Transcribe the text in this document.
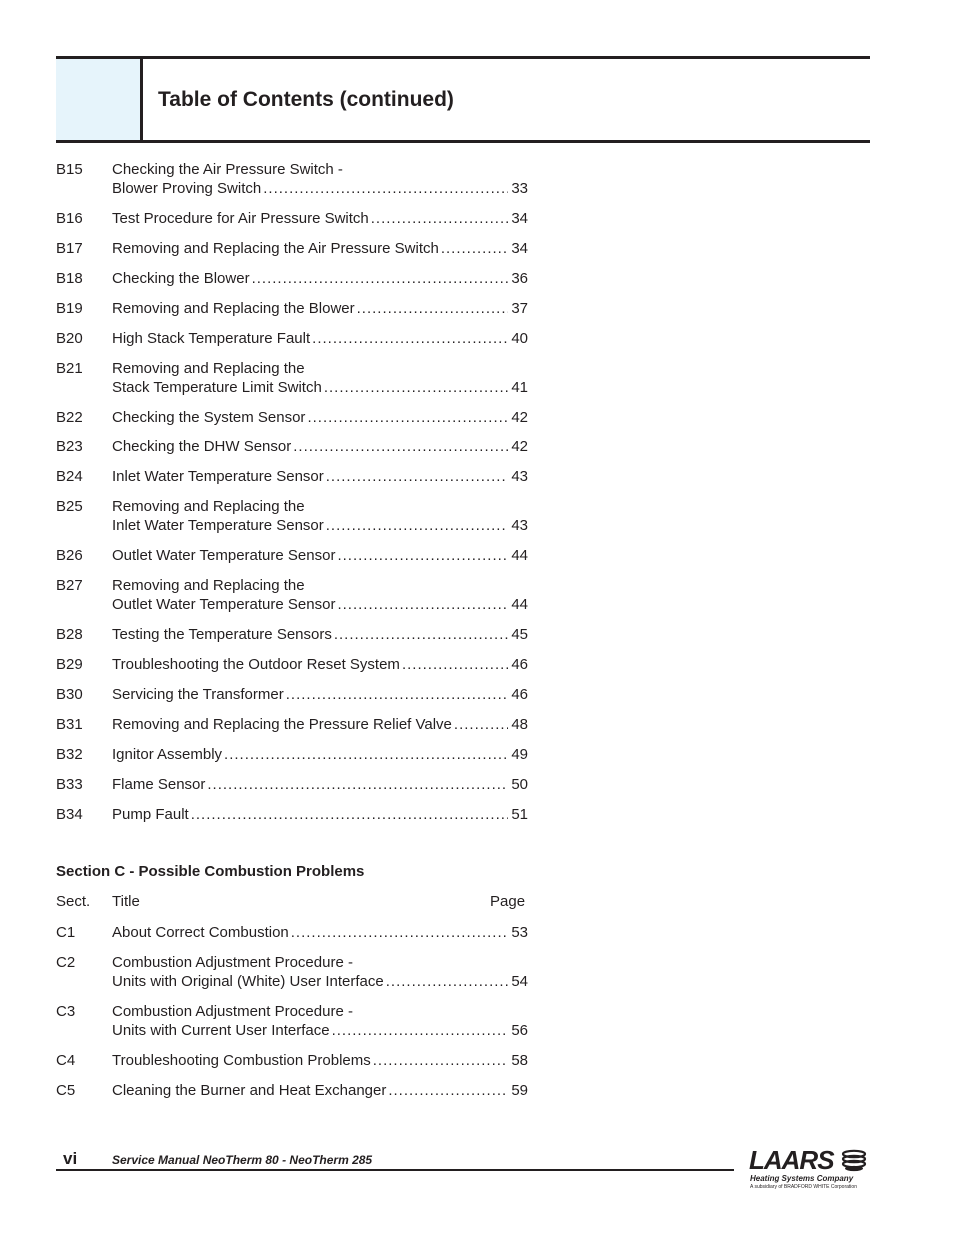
Table of Contents (continued)
B15 Checking the Air Pressure Switch -
Blower Proving Switch .....	33
B16 Test Procedure for Air Pressure Switch .....	34
B17 Removing and Replacing the Air Pressure Switch .....	34
B18 Checking the Blower .....	36
B19 Removing and Replacing the Blower .....	37
B20 High Stack Temperature Fault .....	40
B21 Removing and Replacing the
Stack Temperature Limit Switch .....	41
B22 Checking the System Sensor .....	42
B23 Checking the DHW Sensor .....	42
B24 Inlet Water Temperature Sensor .....	43
B25 Removing and Replacing the
Inlet Water Temperature Sensor .....	43
B26 Outlet Water Temperature Sensor .....	44
B27 Removing and Replacing the
Outlet Water Temperature Sensor .....	44
B28 Testing the Temperature Sensors .....	45
B29 Troubleshooting the Outdoor Reset System .....	46
B30 Servicing the Transformer .....	46
B31 Removing and Replacing the Pressure Relief Valve .....	48
B32 Ignitor Assembly .....	49
B33 Flame Sensor .....	50
B34 Pump Fault .....	51
Section C - Possible Combustion Problems
Sect. Title	Page
C1 About Correct Combustion .....	53
C2 Combustion Adjustment Procedure -
Units with Original (White) User Interface .....	54
C3 Combustion Adjustment Procedure -
Units with Current User Interface .....	56
C4 Troubleshooting Combustion Problems .....	58
C5 Cleaning the Burner and Heat Exchanger .....	59
vi	Service Manual NeoTherm 80 - NeoTherm 285	LAARS
Heating Systems Company
A subsidiary of BRADFORD WHITE Corporation
